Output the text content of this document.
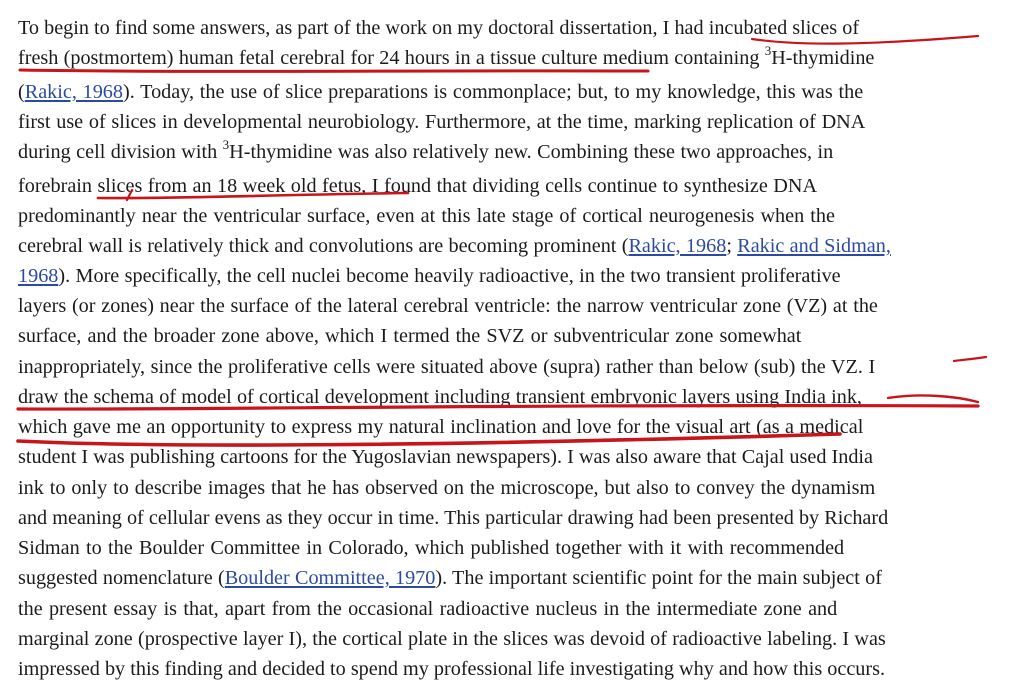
To begin to find some answers, as part of the work on my doctoral dissertation, I had incubated slices of
fresh (postmortem) human fetal cerebral for 24 hours in a tissue culture medium containing $^3$H-thymidine
(Rakic, 1968). Today, the use of slice preparations is commonplace; but, to my knowledge, this was the
first use of slices in developmental neurobiology. Furthermore, at the time, marking replication of DNA
during cell division with $^3$H-thymidine was also relatively new. Combining these two approaches, in
forebrain slices from an 18 week old fetus, I found that dividing cells continue to synthesize DNA
predominantly near the ventricular surface, even at this late stage of cortical neurogenesis when the
cerebral wall is relatively thick and convolutions are becoming prominent (Rakic, 1968; Rakic and Sidman,
1968). More specifically, the cell nuclei become heavily radioactive, in the two transient proliferative
layers (or zones) near the surface of the lateral cerebral ventricle: the narrow ventricular zone (VZ) at the
surface, and the broader zone above, which I termed the SVZ or subventricular zone somewhat
inappropriately, since the proliferative cells were situated above (supra) rather than below (sub) the VZ. I
draw the schema of model of cortical development including transient embryonic layers using India ink,
which gave me an opportunity to express my natural inclination and love for the visual art (as a medical
student I was publishing cartoons for the Yugoslavian newspapers). I was also aware that Cajal used India
ink to only to describe images that he has observed on the microscope, but also to convey the dynamism
and meaning of cellular evens as they occur in time. This particular drawing had been presented by Richard
Sidman to the Boulder Committee in Colorado, which published together with it with recommended
suggested nomenclature (Boulder Committee, 1970). The important scientific point for the main subject of
the present essay is that, apart from the occasional radioactive nucleus in the intermediate zone and
marginal zone (prospective layer I), the cortical plate in the slices was devoid of radioactive labeling. I was
impressed by this finding and decided to spend my professional life investigating why and how this occurs.
